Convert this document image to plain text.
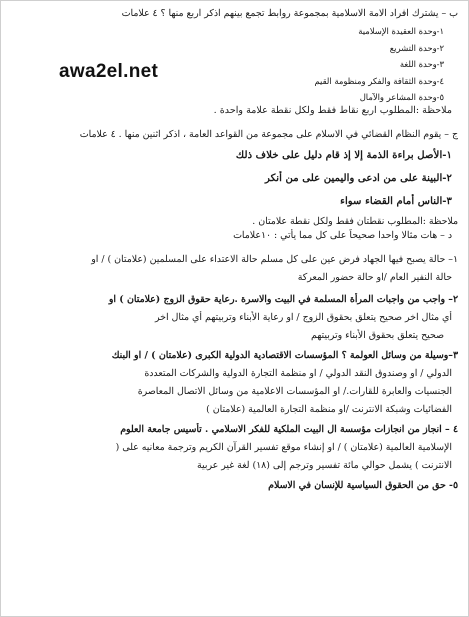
awa2el.net

ب – يشترك افراد الامة الاسلامية بمجموعة روابط تجمع بينهم اذكر اربع منها ؟ ٤ علامات

١-وحدة العقيدة الإسلامية

٢-وحدة التشريع

٣-وحدة اللغة

٤-وحدة الثقافة والفكر ومنظومة القيم

٥-وحدة المشاعر والآمال

ملاحظة :المطلوب اربع نقاط فقط ولكل نقطة علامة واحدة .

ج – يقوم النظام القضائي في الاسلام على مجموعة من القواعد العامة ، اذكر اثنين منها . ٤ علامات

١-الأصل براءة الذمة إلا إذ قام دليل على خلاف ذلك

٢-البينة على من ادعى واليمين على من أنكر

٣-الناس أمام القضاء سواء

ملاحظة :المطلوب نقطتان فقط ولكل نقطة علامتان .

د – هات مثالا واحدا صحيحاً على كل مما يأتي : ١٠علامات

١– حالة يصبح فيها الجهاد فرض عين على كل مسلم حالة الاعتداء على المسلمين (علامتان ) / او

حالة النفير العام /او حالة حضور المعركة

٢– واجب من واجبات المرأة المسلمة في البيت والاسرة .رعاية حقوق الزوج (علامتان ) او

أي مثال اخر صحيح يتعلق بحقوق الزوج / او رعاية الأبناء وتربيتهم أي مثال اخر

صحيح يتعلق بحقوق الأبناء وتربيتهم

٣–وسيلة من وسائل العولمة ؟ المؤسسات الاقتصادية الدولية الكبرى (علامتان ) / او البنك

الدولي / او وصندوق النقد الدولي / او منظمة التجارة الدولية والشركات المتعددة

الجنسيات والعابرة للقارات./ او المؤسسات الاعلامية من وسائل الاتصال المعاصرة

الفضائيات وشبكة الانترنت /او منظمة التجارة العالمية (علامتان )

٤ – انجاز من انجازات مؤسسة ال البيت الملكية للفكر الاسلامي . تأسيس جامعة العلوم

الإسلامية العالمية (علامتان ) / او إنشاء موقع تفسير القرآن الكريم وترجمة معانيه على (

الانترنت ) يشمل حوالي مائة تفسير وترجم إلى (١٨) لغة غير عربية

٥- حق من الحقوق السياسية للإنسان في الاسلام
